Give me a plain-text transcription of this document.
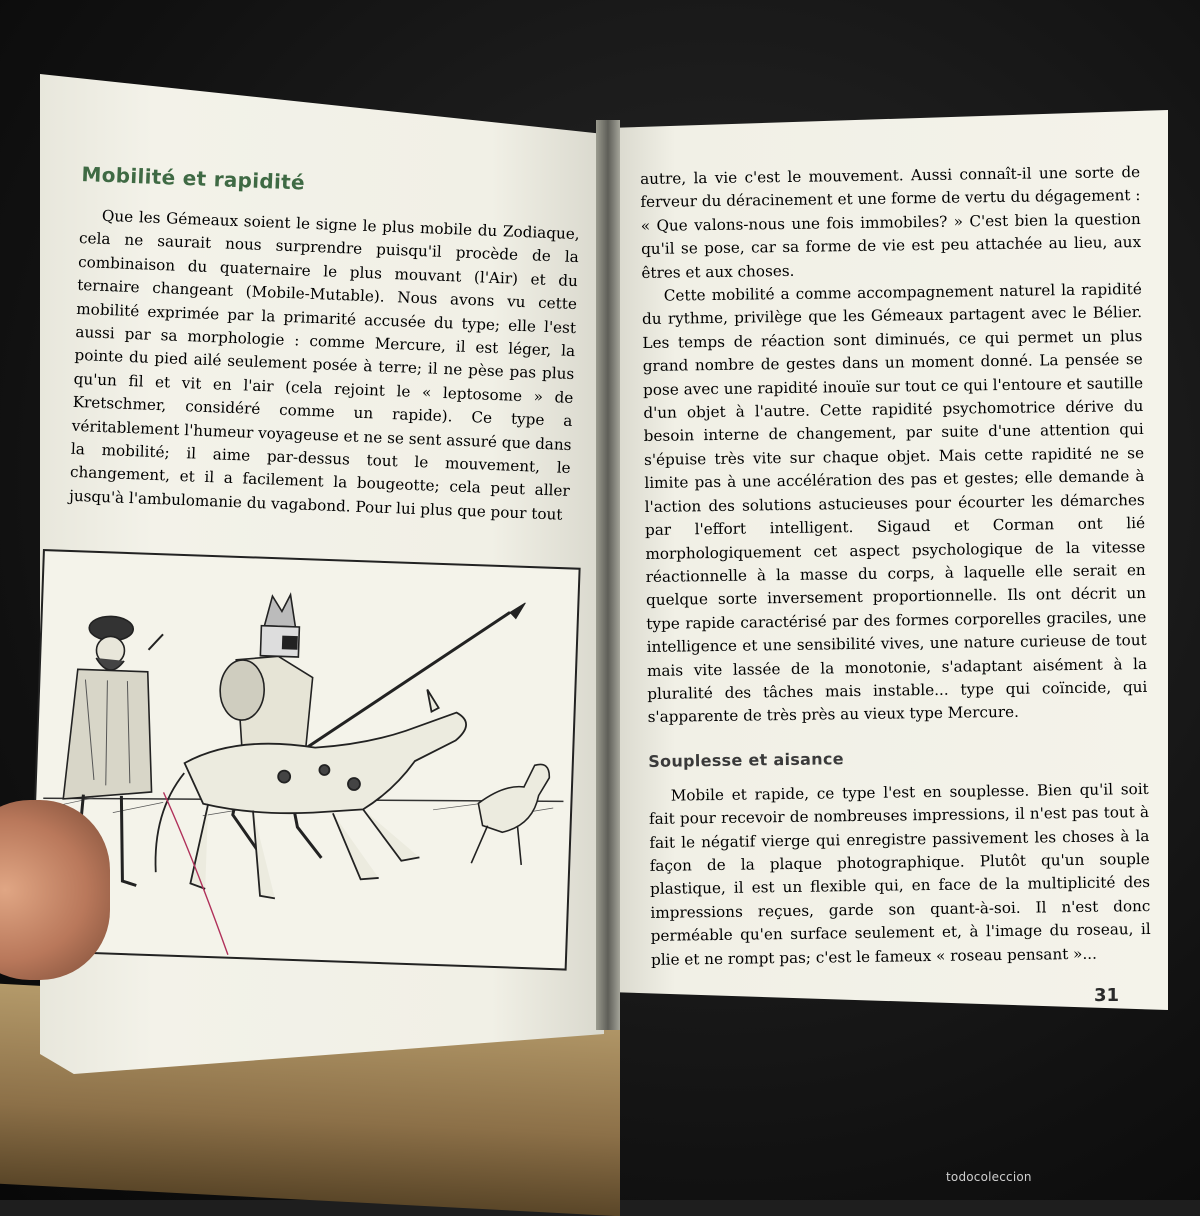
Mobilité et rapidité

Que les Gémeaux soient le signe le plus mobile du Zodiaque, cela ne saurait nous surprendre puisqu'il procède de la combinaison du quaternaire le plus mouvant (l'Air) et du ternaire changeant (Mobile-Mutable). Nous avons vu cette mobilité exprimée par la primarité accusée du type; elle l'est aussi par sa morphologie : comme Mercure, il est léger, la pointe du pied ailé seulement posée à terre; il ne pèse pas plus qu'un fil et vit en l'air (cela rejoint le « leptosome » de Kretschmer, considéré comme un rapide). Ce type a véritablement l'humeur voyageuse et ne se sent assuré que dans la mobilité; il aime par-dessus tout le mouvement, le changement, et il a facilement la bougeotte; cela peut aller jusqu'à l'ambulomanie du vagabond. Pour lui plus que pour tout

autre, la vie c'est le mouvement. Aussi connaît-il une sorte de ferveur du déracinement et une forme de vertu du dégagement : « Que valons-nous une fois immobiles? » C'est bien la question qu'il se pose, car sa forme de vie est peu attachée au lieu, aux êtres et aux choses.

Cette mobilité a comme accompagnement naturel la rapidité du rythme, privilège que les Gémeaux partagent avec le Bélier. Les temps de réaction sont diminués, ce qui permet un plus grand nombre de gestes dans un moment donné. La pensée se pose avec une rapidité inouïe sur tout ce qui l'entoure et sautille d'un objet à l'autre. Cette rapidité psychomotrice dérive du besoin interne de changement, par suite d'une attention qui s'épuise très vite sur chaque objet. Mais cette rapidité ne se limite pas à une accélération des pas et gestes; elle demande à l'action des solutions astucieuses pour écourter les démarches par l'effort intelligent. Sigaud et Corman ont lié morphologiquement cet aspect psychologique de la vitesse réactionnelle à la masse du corps, à laquelle elle serait en quelque sorte inversement proportionnelle. Ils ont décrit un type rapide caractérisé par des formes corporelles graciles, une intelligence et une sensibilité vives, une nature curieuse de tout mais vite lassée de la monotonie, s'adaptant aisément à la pluralité des tâches mais instable... type qui coïncide, qui s'apparente de très près au vieux type Mercure.

Souplesse et aisance

Mobile et rapide, ce type l'est en souplesse. Bien qu'il soit fait pour recevoir de nombreuses impressions, il n'est pas tout à fait le négatif vierge qui enregistre passivement les choses à la façon de la plaque photographique. Plutôt qu'un souple plastique, il est un flexible qui, en face de la multiplicité des impressions reçues, garde son quant-à-soi. Il n'est donc perméable qu'en surface seulement et, à l'image du roseau, il plie et ne rompt pas; c'est le fameux « roseau pensant »...

31
todocoleccion
